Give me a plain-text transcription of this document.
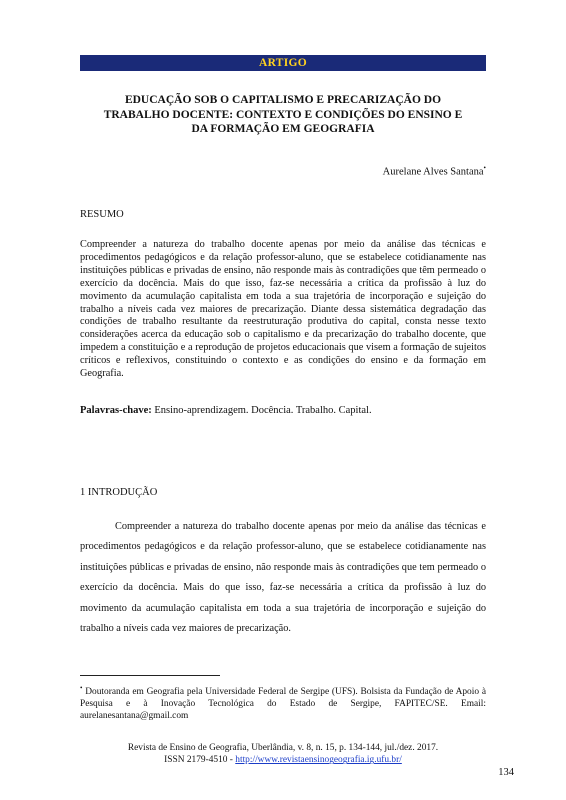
ARTIGO
EDUCAÇÃO SOB O CAPITALISMO E PRECARIZAÇÃO DO
TRABALHO DOCENTE: CONTEXTO E CONDIÇÕES DO ENSINO E
DA FORMAÇÃO EM GEOGRAFIA
Aurelane Alves Santana•
RESUMO
Compreender a natureza do trabalho docente apenas por meio da análise das técnicas e procedimentos pedagógicos e da relação professor-aluno, que se estabelece cotidianamente nas instituições públicas e privadas de ensino, não responde mais às contradições que têm permeado o exercício da docência. Mais do que isso, faz-se necessária a crítica da profissão à luz do movimento da acumulação capitalista em toda a sua trajetória de incorporação e sujeição do trabalho a níveis cada vez maiores de precarização. Diante dessa sistemática degradação das condições de trabalho resultante da reestruturação produtiva do capital, consta nesse texto considerações acerca da educação sob o capitalismo e da precarização do trabalho docente, que impedem a constituição e a reprodução de projetos educacionais que visem a formação de sujeitos críticos e reflexivos, constituindo o contexto e as condições do ensino e da formação em Geografia.
Palavras-chave: Ensino-aprendizagem. Docência. Trabalho. Capital.
1 INTRODUÇÃO
Compreender a natureza do trabalho docente apenas por meio da análise das técnicas e procedimentos pedagógicos e da relação professor-aluno, que se estabelece cotidianamente nas instituições públicas e privadas de ensino, não responde mais às contradições que tem permeado o exercício da docência. Mais do que isso, faz-se necessária a crítica da profissão à luz do movimento da acumulação capitalista em toda a sua trajetória de incorporação e sujeição do trabalho a níveis cada vez maiores de precarização.
• Doutoranda em Geografia pela Universidade Federal de Sergipe (UFS). Bolsista da Fundação de Apoio à Pesquisa e à Inovação Tecnológica do Estado de Sergipe, FAPITEC/SE. Email: aurelanesantana@gmail.com
Revista de Ensino de Geografia, Uberlândia, v. 8, n. 15, p. 134-144, jul./dez. 2017.
ISSN 2179-4510 - http://www.revistaensinogeografia.ig.ufu.br/
134
